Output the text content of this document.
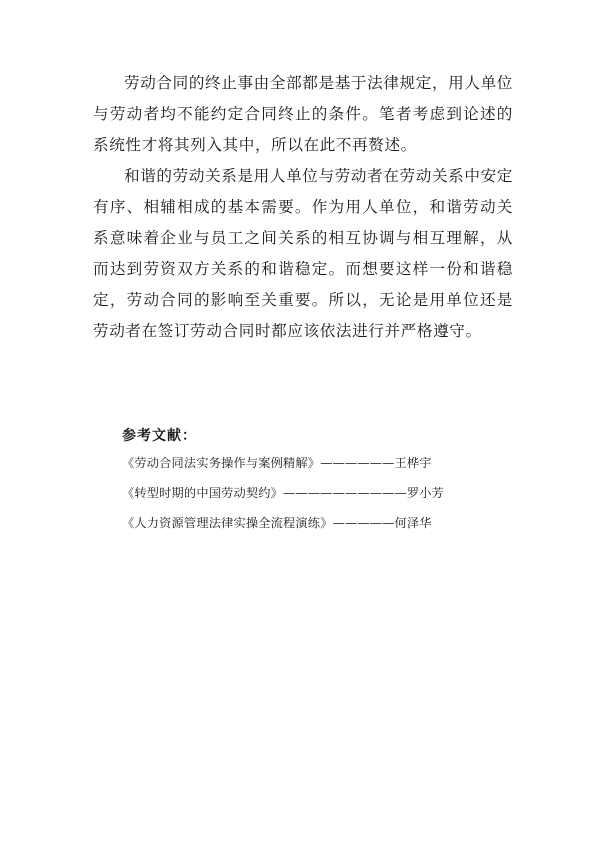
劳动合同的终止事由全部都是基于法律规定，用人单位与劳动者均不能约定合同终止的条件。笔者考虑到论述的系统性才将其列入其中，所以在此不再赘述。

和谐的劳动关系是用人单位与劳动者在劳动关系中安定有序、相辅相成的基本需要。作为用人单位，和谐劳动关系意味着企业与员工之间关系的相互协调与相互理解，从而达到劳资双方关系的和谐稳定。而想要这样一份和谐稳定，劳动合同的影响至关重要。所以，无论是用单位还是劳动者在签订劳动合同时都应该依法进行并严格遵守。

参考文献：
《劳动合同法实务操作与案例精解》——————王桦宇
《转型时期的中国劳动契约》——————————罗小芳
《人力资源管理法律实操全流程演练》—————何泽华
